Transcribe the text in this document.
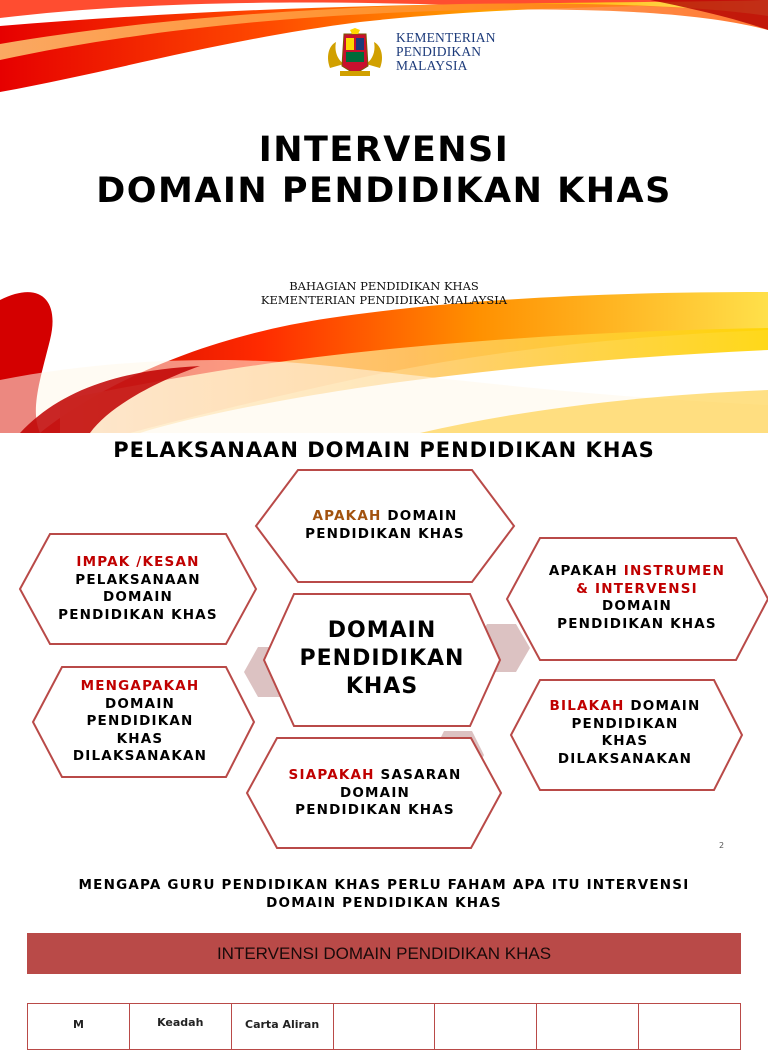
KEMENTERIAN
PENDIDIKAN
MALAYSIA
INTERVENSI
DOMAIN PENDIDIKAN KHAS
BAHAGIAN PENDIDIKAN KHAS
KEMENTERIAN PENDIDIKAN MALAYSIA
PELAKSANAAN DOMAIN PENDIDIKAN KHAS
APAKAH DOMAIN
PENDIDIKAN KHAS
IMPAK /KESAN
PELAKSANAAN
DOMAIN
PENDIDIKAN KHAS
APAKAH INSTRUMEN
& INTERVENSI
DOMAIN
PENDIDIKAN KHAS
DOMAIN
PENDIDIKAN
KHAS
MENGAPAKAH
DOMAIN
PENDIDIKAN
KHAS
DILAKSANAKAN
BILAKAH DOMAIN
PENDIDIKAN
KHAS
DILAKSANAKAN
SIAPAKAH SASARAN
DOMAIN
PENDIDIKAN KHAS
2
MENGAPA GURU PENDIDIKAN KHAS PERLU FAHAM APA ITU INTERVENSI
DOMAIN PENDIDIKAN KHAS
INTERVENSI DOMAIN PENDIDIKAN KHAS
M	Keadah	Carta Aliran				
